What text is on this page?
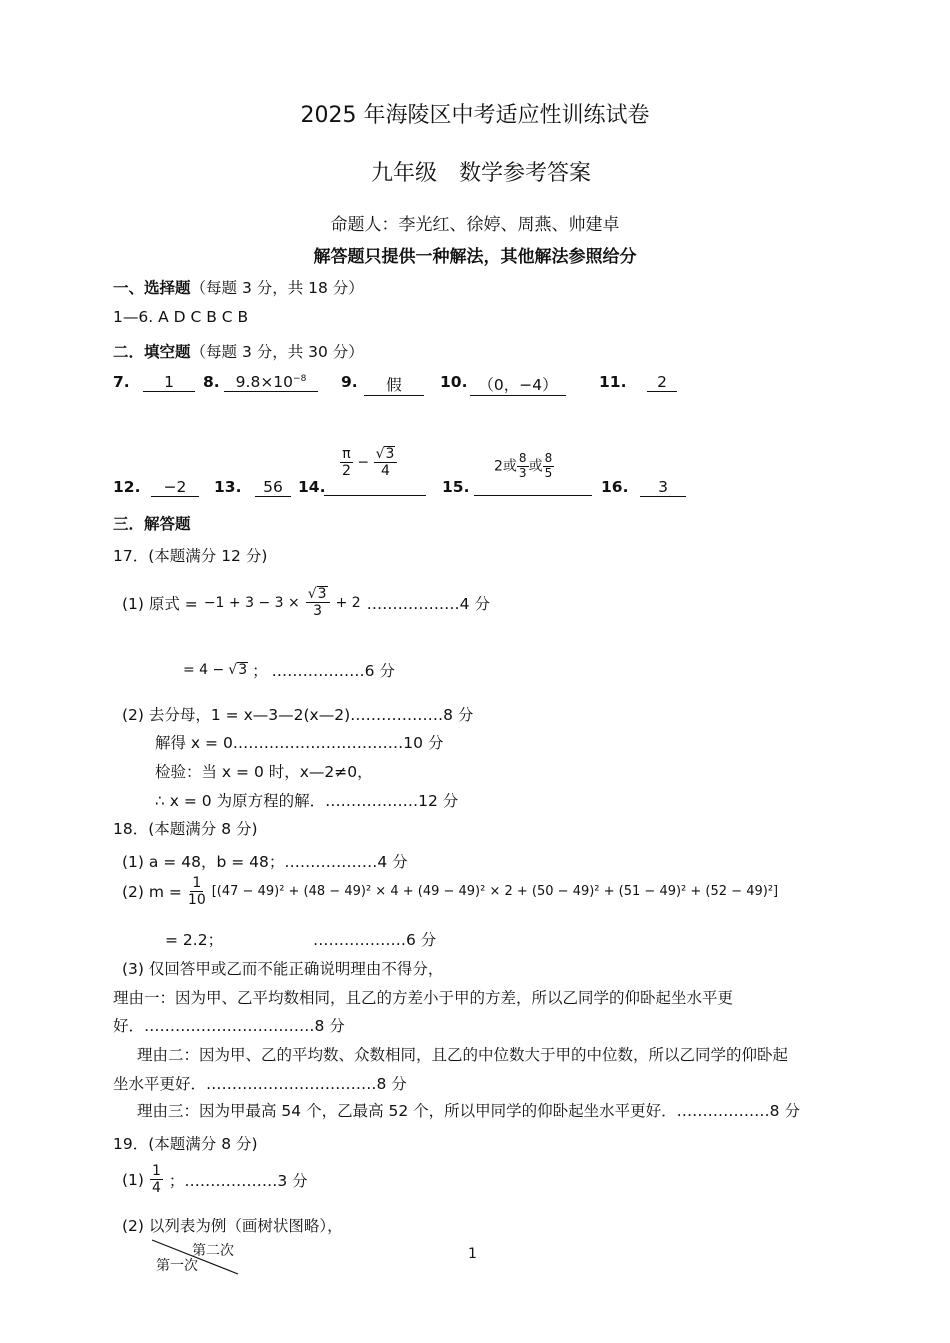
2025 年海陵区中考适应性训练试卷
九年级　数学参考答案
命题人：李光红、徐婷、周燕、帅建卓
解答题只提供一种解法，其他解法参照给分
一、选择题（每题 3 分，共 18 分）
1—6. A D C B C B
二．填空题（每题 3 分，共 30 分）
7.	1	8.	$9.8\times 10^{-8}$	9.	假	10. （0，−4）	11.	2
12.	−2	13.	56 14.
$\frac{\pi}{2} - \frac{√3}{4}$
15.
2或 $\frac{8}{3}$ 或 $\frac{8}{5}$
16.	3
三．解答题
17．(本题满分 12 分)
(1) 原式 = $-1 + 3 - 3 \times \frac{√3}{3} + 2$ ………………4 分
= 4 − √3 ； ………………6 分
(2) 去分母，1 = x—3—2(x—2)………………8 分
解得 x = 0……………………………10 分
检验：当 x = 0 时，x—2≠0，
∴ x = 0 为原方程的解．………………12 分
18．(本题满分 8 分)
(1) a = 48，b = 48；………………4 分
(2) $m = \frac{1}{10} [(47 - 49)^2 + (48 - 49)^2 \times 4 + (49 - 49)^2 \times 2 + (50 - 49)^2 + (51 - 49)^2 + (52 - 49)^2]$
= 2.2；	………………6 分
(3) 仅回答甲或乙而不能正确说明理由不得分，
理由一：因为甲、乙平均数相同，且乙的方差小于甲的方差，所以乙同学的仰卧起坐水平更
好．……………………………8 分
理由二：因为甲、乙的平均数、众数相同，且乙的中位数大于甲的中位数，所以乙同学的仰卧起
坐水平更好．……………………………8 分
理由三：因为甲最高 54 个，乙最高 52 个，所以甲同学的仰卧起坐水平更好．………………8 分
19．(本题满分 8 分)
$(1) \frac{1}{4}$ ；………………3 分
(2) 以列表为例（画树状图略），
第二次
第一次
1
